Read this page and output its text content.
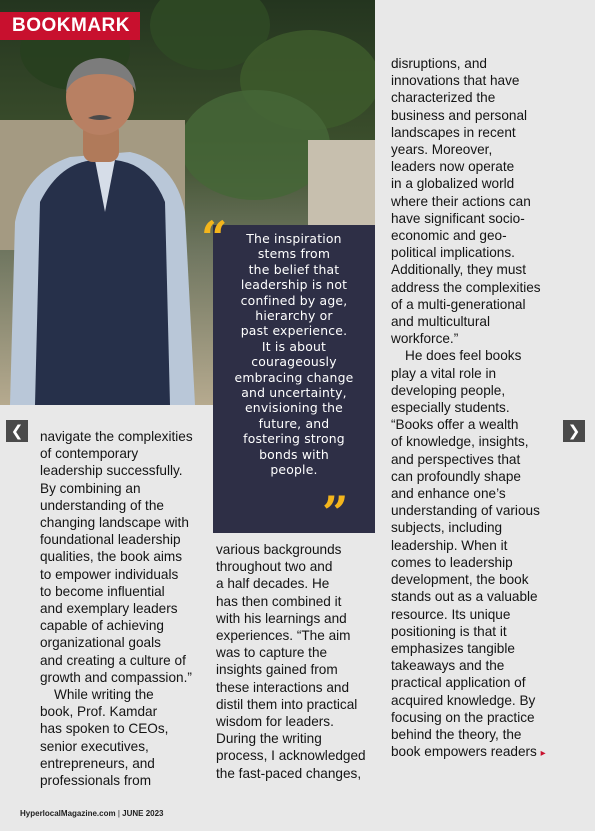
BOOKMARK
“	The inspiration
stems from
the belief that
leadership is not
confined by age,
hierarchy or
past experience.
It is about
courageously
embracing change
and uncertainty,
envisioning the
future, and
fostering strong
bonds with
people.
”
❮	❯

navigate the complexities
of contemporary
leadership successfully.
By combining an
understanding of the
changing landscape with
foundational leadership
qualities, the book aims
to empower individuals
to become influential
and exemplary leaders
capable of achieving
organizational goals
and creating a culture of
growth and compassion.”

While writing the
book, Prof. Kamdar
has spoken to CEOs,
senior executives,
entrepreneurs, and
professionals from

various backgrounds
throughout two and
a half decades. He
has then combined it
with his learnings and
experiences. “The aim
was to capture the
insights gained from
these interactions and
distil them into practical
wisdom for leaders.
During the writing
process, I acknowledged
the fast-paced changes,

disruptions, and
innovations that have
characterized the
business and personal
landscapes in recent
years. Moreover,
leaders now operate
in a globalized world
where their actions can
have significant socio-
economic and geo-
political implications.
Additionally, they must
address the complexities
of a multi-generational
and multicultural
workforce.”

He does feel books
play a vital role in
developing people,
especially students.
“Books offer a wealth
of knowledge, insights,
and perspectives that
can profoundly shape
and enhance one’s
understanding of various
subjects, including
leadership. When it
comes to leadership
development, the book
stands out as a valuable
resource. Its unique
positioning is that it
emphasizes tangible
takeaways and the
practical application of
acquired knowledge. By
focusing on the practice
behind the theory, the
book empowers readers ▸

HyperlocalMagazine.com | JUNE 2023
